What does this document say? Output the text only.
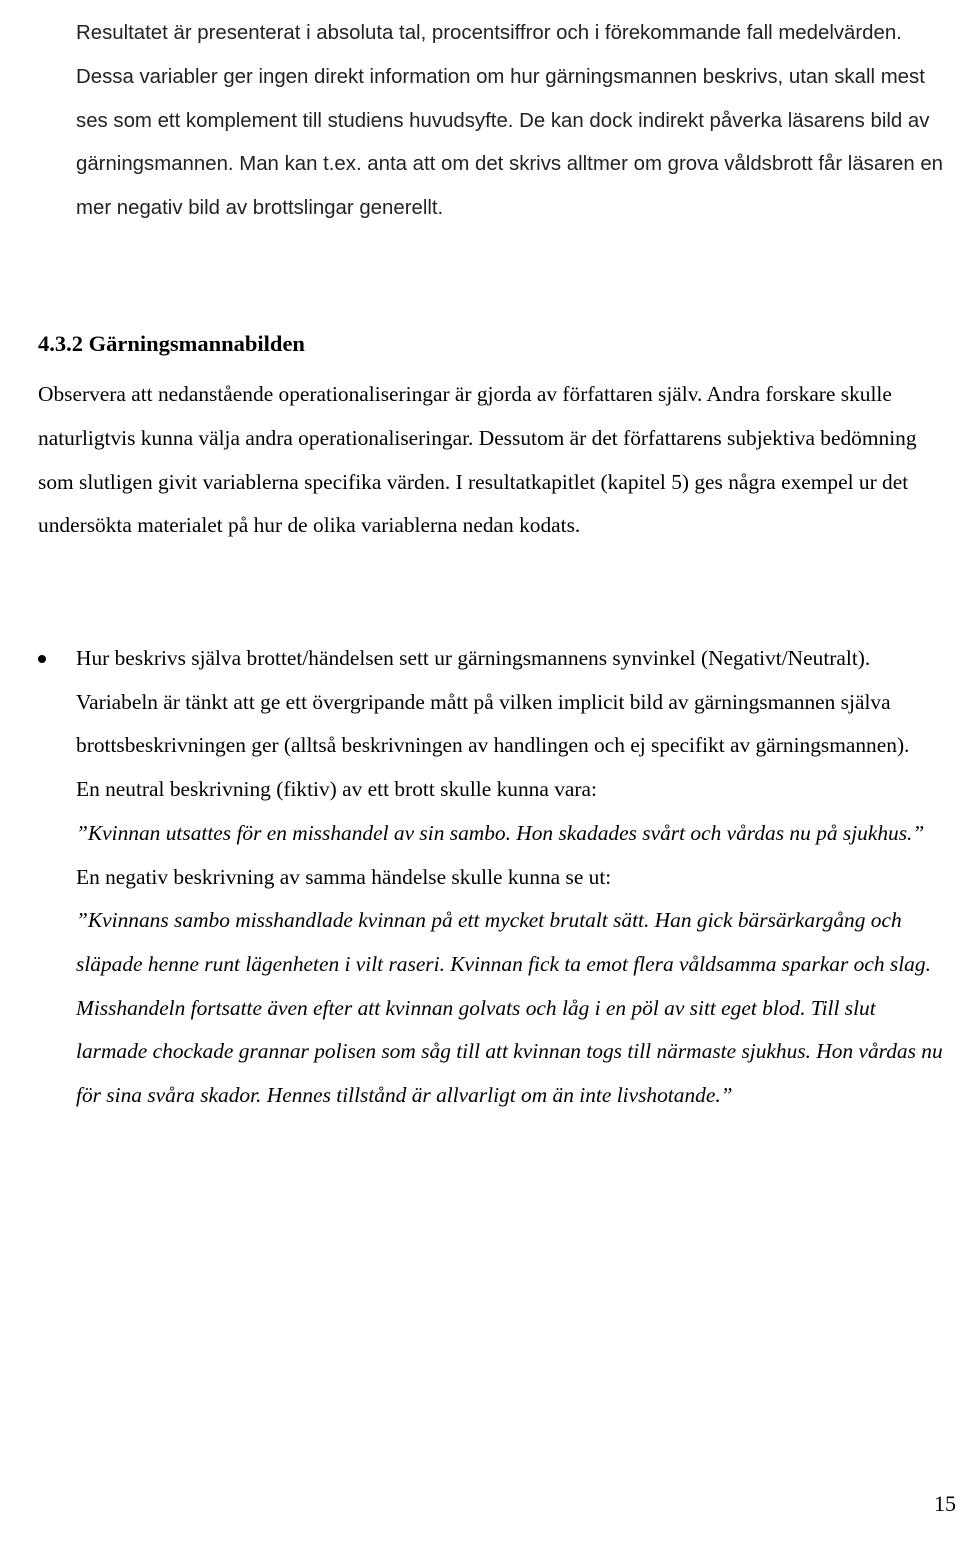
Resultatet är presenterat i absoluta tal, procentsiffror och i förekommande fall medelvärden. Dessa variabler ger ingen direkt information om hur gärningsmannen beskrivs, utan skall mest ses som ett komplement till studiens huvudsyfte. De kan dock indirekt påverka läsarens bild av gärningsmannen. Man kan t.ex. anta att om det skrivs alltmer om grova våldsbrott får läsaren en mer negativ bild av brottslingar generellt.

4.3.2 Gärningsmannabilden

Observera att nedanstående operationaliseringar är gjorda av författaren själv. Andra forskare skulle naturligtvis kunna välja andra operationaliseringar. Dessutom är det författarens subjektiva bedömning som slutligen givit variablerna specifika värden. I resultatkapitlet (kapitel 5) ges några exempel ur det undersökta materialet på hur de olika variablerna nedan kodats.

Hur beskrivs själva brottet/händelsen sett ur gärningsmannens synvinkel (Negativt/Neutralt).

Variabeln är tänkt att ge ett övergripande mått på vilken implicit bild av gärningsmannen själva brottsbeskrivningen ger (alltså beskrivningen av handlingen och ej specifikt av gärningsmannen).

En neutral beskrivning (fiktiv) av ett brott skulle kunna vara:

”Kvinnan utsattes för en misshandel av sin sambo. Hon skadades svårt och vårdas nu på sjukhus.”

En negativ beskrivning av samma händelse skulle kunna se ut:

”Kvinnans sambo misshandlade kvinnan på ett mycket brutalt sätt. Han gick bärsärkargång och släpade henne runt lägenheten i vilt raseri. Kvinnan fick ta emot flera våldsamma sparkar och slag. Misshandeln fortsatte även efter att kvinnan golvats och låg i en pöl av sitt eget blod. Till slut larmade chockade grannar polisen som såg till att kvinnan togs till närmaste sjukhus. Hon vårdas nu för sina svåra skador. Hennes tillstånd är allvarligt om än inte livshotande.”

15
